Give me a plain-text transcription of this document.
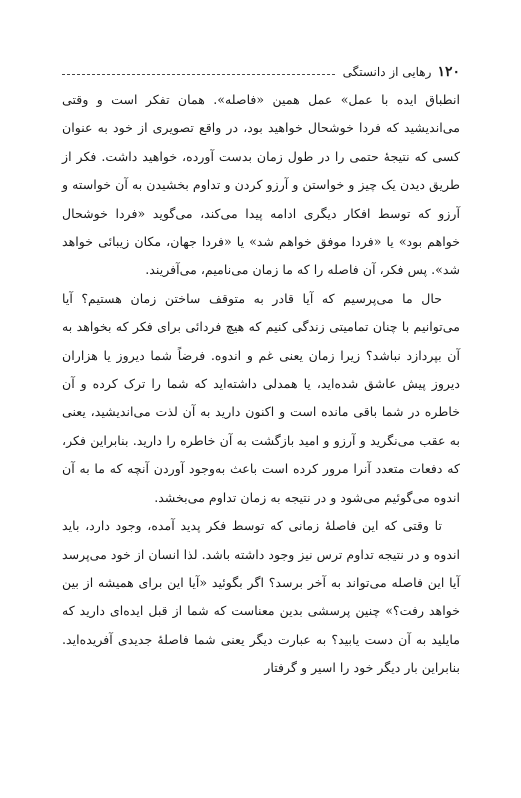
۱۲۰
رهایی از دانستگی

انطباق ایده با عمل» عمل همین «فاصله». همان تفکر است و وقتی می‌اندیشید که فردا خوشحال خواهید بود، در واقع تصویری از خود به عنوان کسی که نتیجهٔ حتمی را در طول زمان بدست آورده، خواهید داشت. فکر از طریق دیدن یک چیز و خواستن و آرزو کردن و تداوم بخشیدن به آن خواسته و آرزو که توسط افکار دیگری ادامه پیدا می‌کند، می‌گوید «فردا خوشحال خواهم بود» یا «فردا موفق خواهم شد» یا «فردا جهان، مکان زیبائی خواهد شد». پس فکر، آن فاصله را که ما زمان می‌نامیم، می‌آفریند.

حال ما می‌پرسیم که آیا قادر به متوقف ساختن زمان هستیم؟ آیا می‌توانیم با چنان تمامیتی زندگی کنیم که هیچ فردائی برای فکر که بخواهد به آن بپردازد نباشد؟ زیرا زمان یعنی غم و اندوه. فرضاً شما دیروز یا هزاران دیروز پیش عاشق شده‌اید، یا همدلی داشته‌اید که شما را ترک کرده و آن خاطره در شما باقی مانده است و اکنون دارید به آن لذت می‌اندیشید، یعنی به عقب می‌نگرید و آرزو و امید بازگشت به آن خاطره را دارید. بنابراین فکر، که دفعات متعدد آنرا مرور کرده است باعث به‌وجود آوردن آنچه که ما به آن اندوه می‌گوئیم می‌شود و در نتیجه به زمان تداوم می‌بخشد.

تا وقتی که این فاصلهٔ زمانی که توسط فکر پدید آمده، وجود دارد، باید اندوه و در نتیجه تداوم ترس نیز وجود داشته باشد. لذا انسان از خود می‌پرسد آیا این فاصله می‌تواند به آخر برسد؟ اگر بگوئید «آیا این برای همیشه از بین خواهد رفت؟» چنین پرسشی بدین معناست که شما از قبل ایده‌ای دارید که مایلید به آن دست یابید؟ به عبارت دیگر یعنی شما فاصلهٔ جدیدی آفریده‌اید. بنابراین بار دیگر خود را اسیر و گرفتار
